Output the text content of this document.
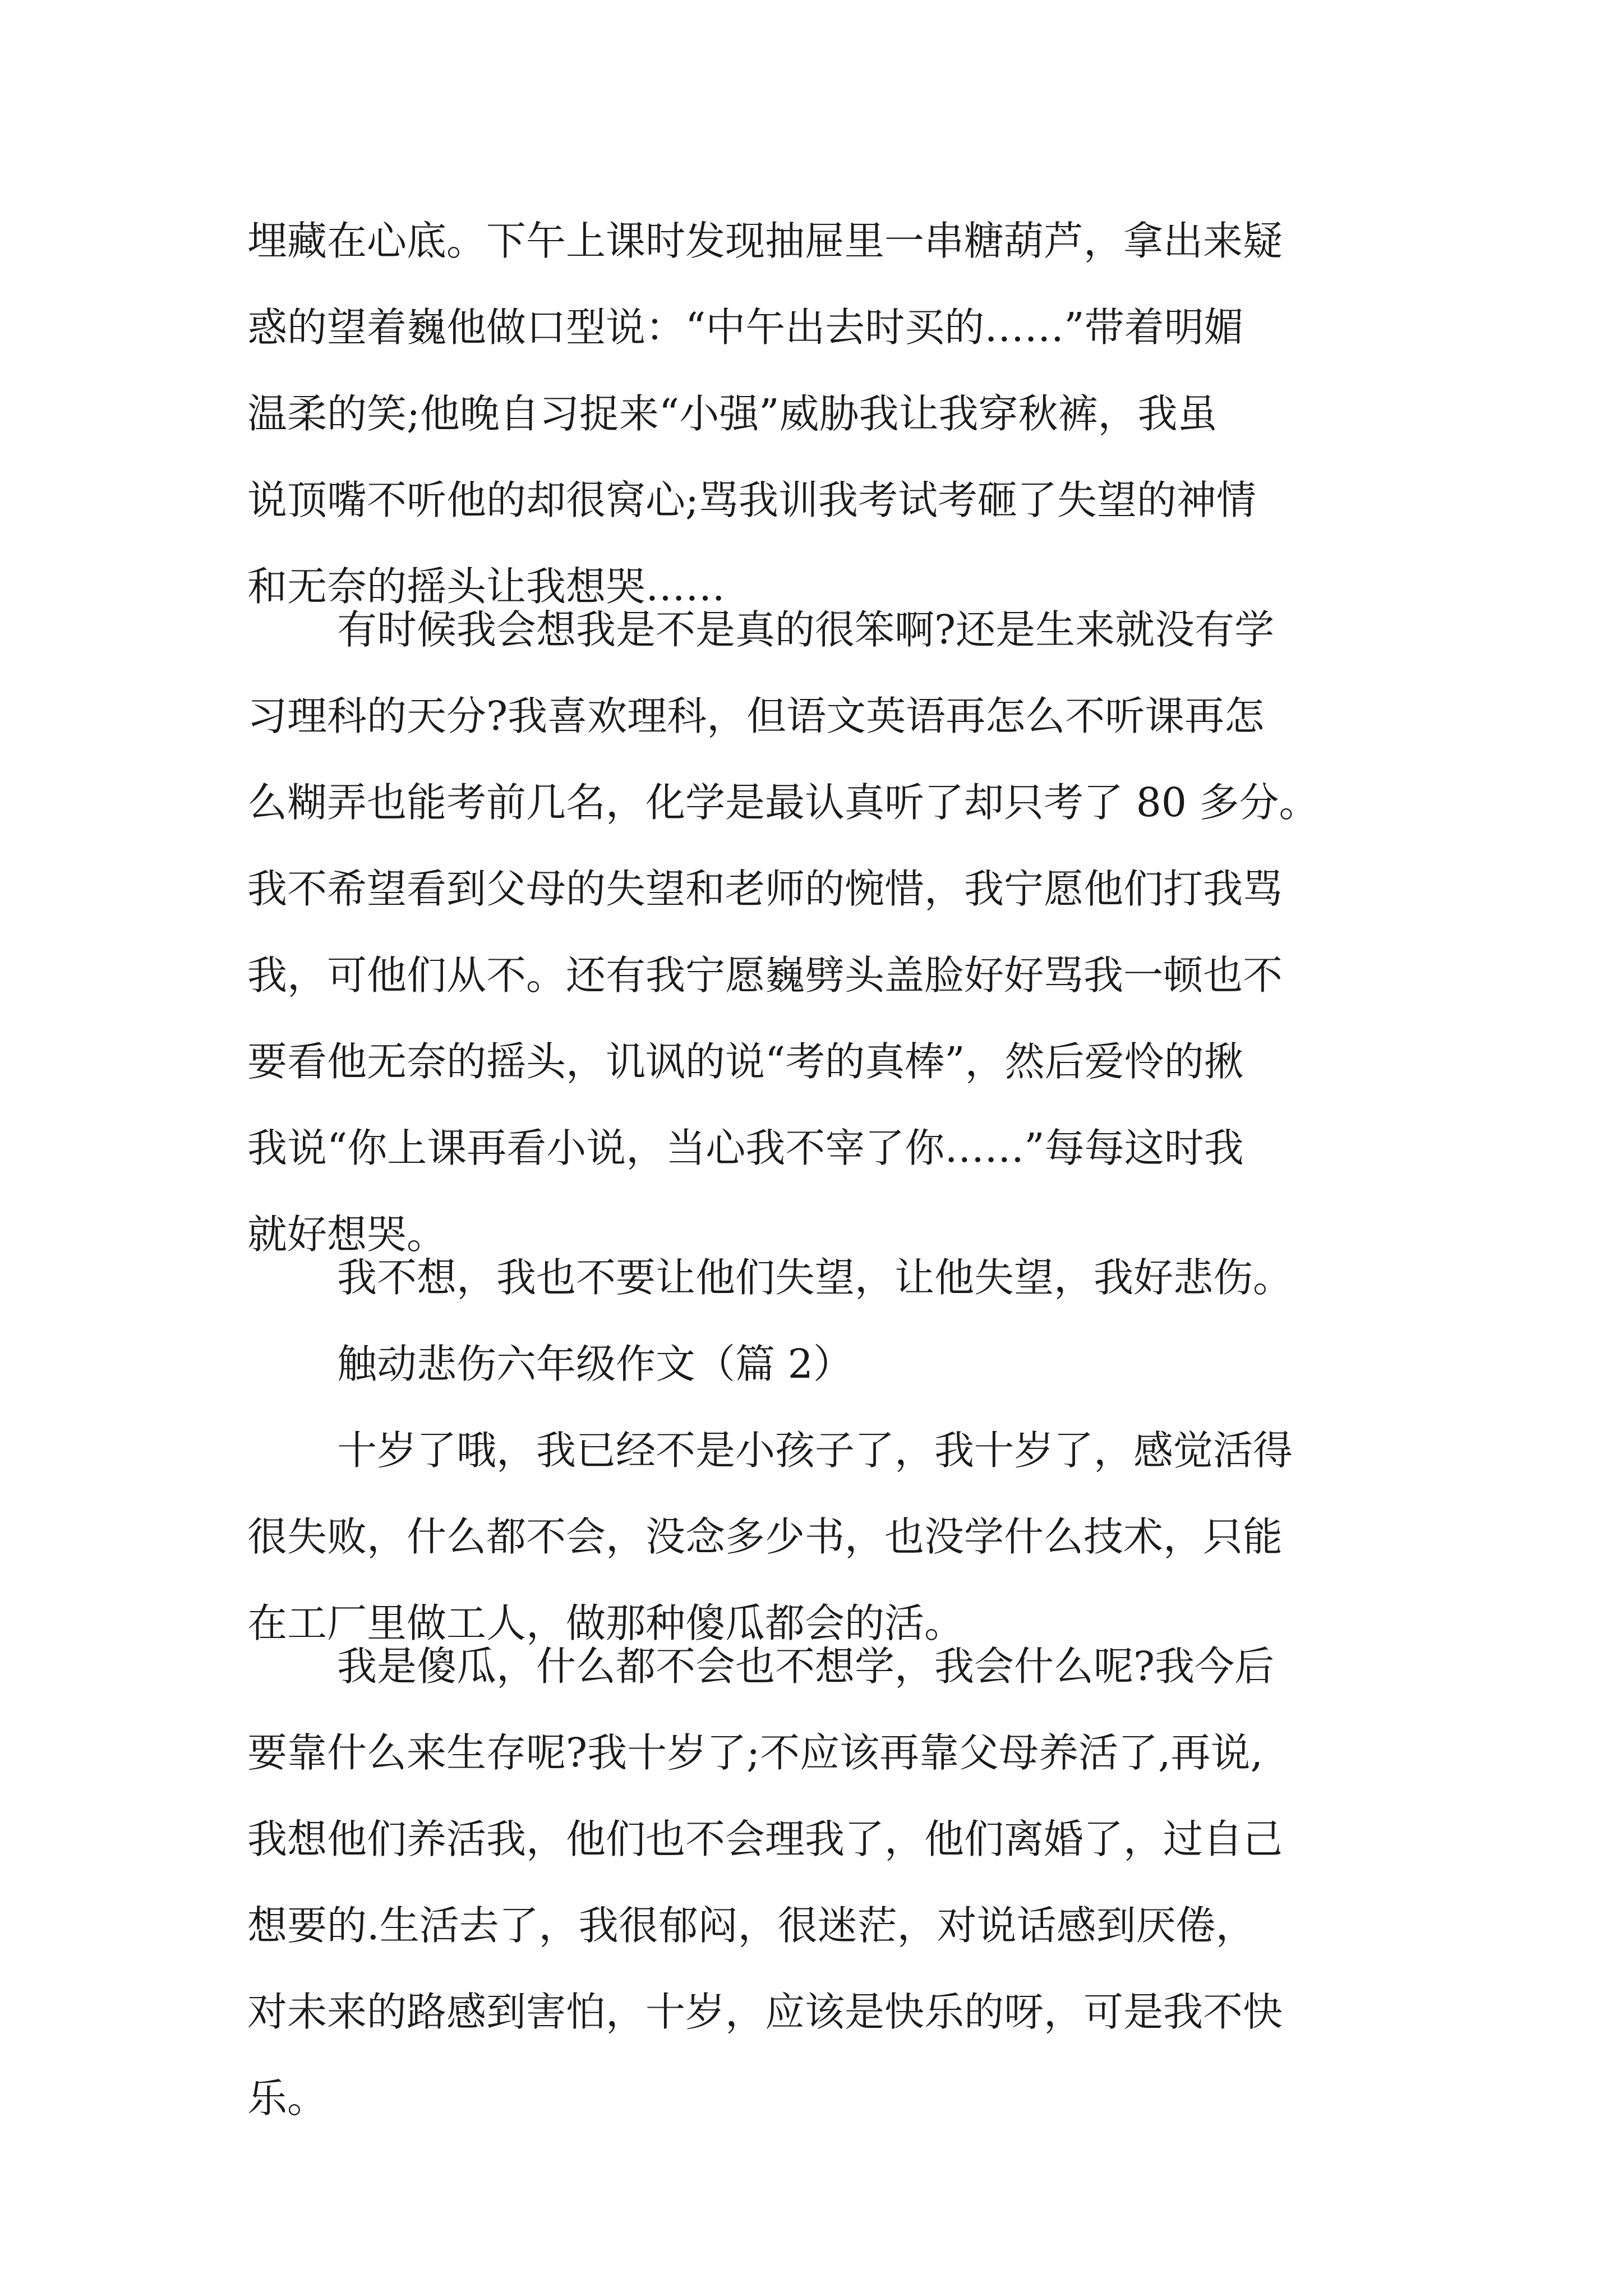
埋藏在心底。下午上课时发现抽屉里一串糖葫芦，拿出来疑
惑的望着巍他做口型说：“中午出去时买的……”带着明媚
温柔的笑;他晚自习捉来“小强”威胁我让我穿秋裤，我虽
说顶嘴不听他的却很窝心;骂我训我考试考砸了失望的神情
和无奈的摇头让我想哭……
有时候我会想我是不是真的很笨啊?还是生来就没有学
习理科的天分?我喜欢理科，但语文英语再怎么不听课再怎
么糊弄也能考前几名，化学是最认真听了却只考了 80 多分。
我不希望看到父母的失望和老师的惋惜，我宁愿他们打我骂
我，可他们从不。还有我宁愿巍劈头盖脸好好骂我一顿也不
要看他无奈的摇头，讥讽的说“考的真棒”，然后爱怜的揪
我说“你上课再看小说，当心我不宰了你……”每每这时我
就好想哭。
我不想，我也不要让他们失望，让他失望，我好悲伤。
触动悲伤六年级作文（篇 2）
十岁了哦，我已经不是小孩子了，我十岁了，感觉活得
很失败，什么都不会，没念多少书，也没学什么技术，只能
在工厂里做工人，做那种傻瓜都会的活。
我是傻瓜，什么都不会也不想学，我会什么呢?我今后
要靠什么来生存呢?我十岁了;不应该再靠父母养活了,再说,
我想他们养活我，他们也不会理我了，他们离婚了，过自己
想要的.生活去了，我很郁闷，很迷茫，对说话感到厌倦，
对未来的路感到害怕，十岁，应该是快乐的呀，可是我不快
乐。
